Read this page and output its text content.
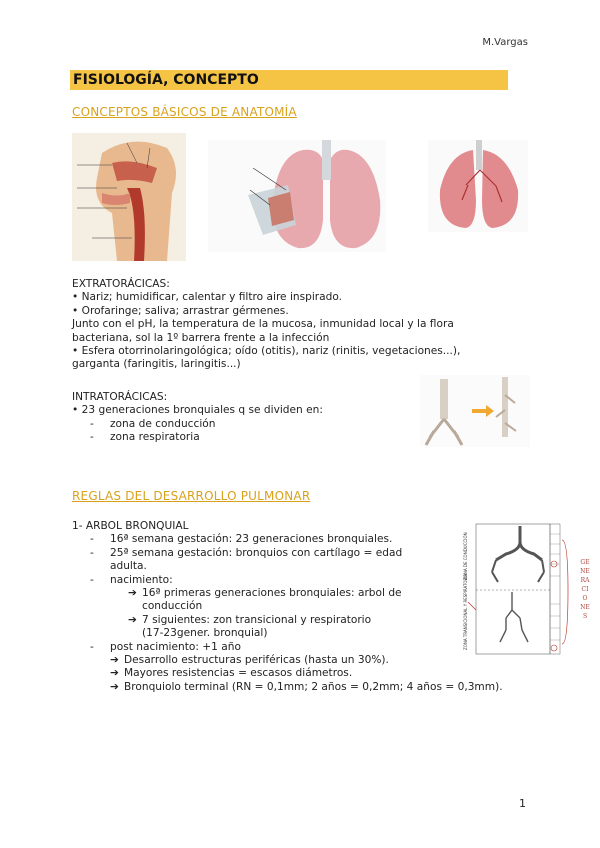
M.Vargas
FISIOLOGÍA, CONCEPTO
CONCEPTOS BÁSICOS DE ANATOMÍA
EXTRATORÁCICAS:
• Nariz; humidificar, calentar y filtro aire inspirado.
• Orofaringe; saliva; arrastrar gérmenes.
Junto con el pH, la temperatura de la mucosa, inmunidad local y la flora
bacteriana, sol la 1º barrera frente a la infección
• Esfera otorrinolaringológica; oído (otitis), nariz (rinitis, vegetaciones...),
garganta (faringitis, laringitis...)
INTRATORÁCICAS:
• 23 generaciones bronquiales q se dividen en:
- zona de conducción
- zona respiratoria
REGLAS DEL DESARROLLO PULMONAR
1- ARBOL BRONQUIAL
- 16ª semana gestación: 23 generaciones bronquiales.
- 25ª semana gestación: bronquios con cartílago = edad
adulta.
- nacimiento:
➔ 16ª primeras generaciones bronquiales: arbol de
conducción
➔ 7 siguientes: zon transicional y respiratorio
(17-23gener. bronquial)
- post nacimiento: +1 año
➔ Desarrollo estructuras periféricas (hasta un 30%).
➔ Mayores resistencias = escasos diámetros.
➔ Bronquiolo terminal (RN = 0,1mm; 2 años = 0,2mm; 4 años = 0,3mm).
ZONA DE CONDUCCIÓN
ZONA TRANSICIONAL Y RESPIRATORIA
GENERACIONES
1
